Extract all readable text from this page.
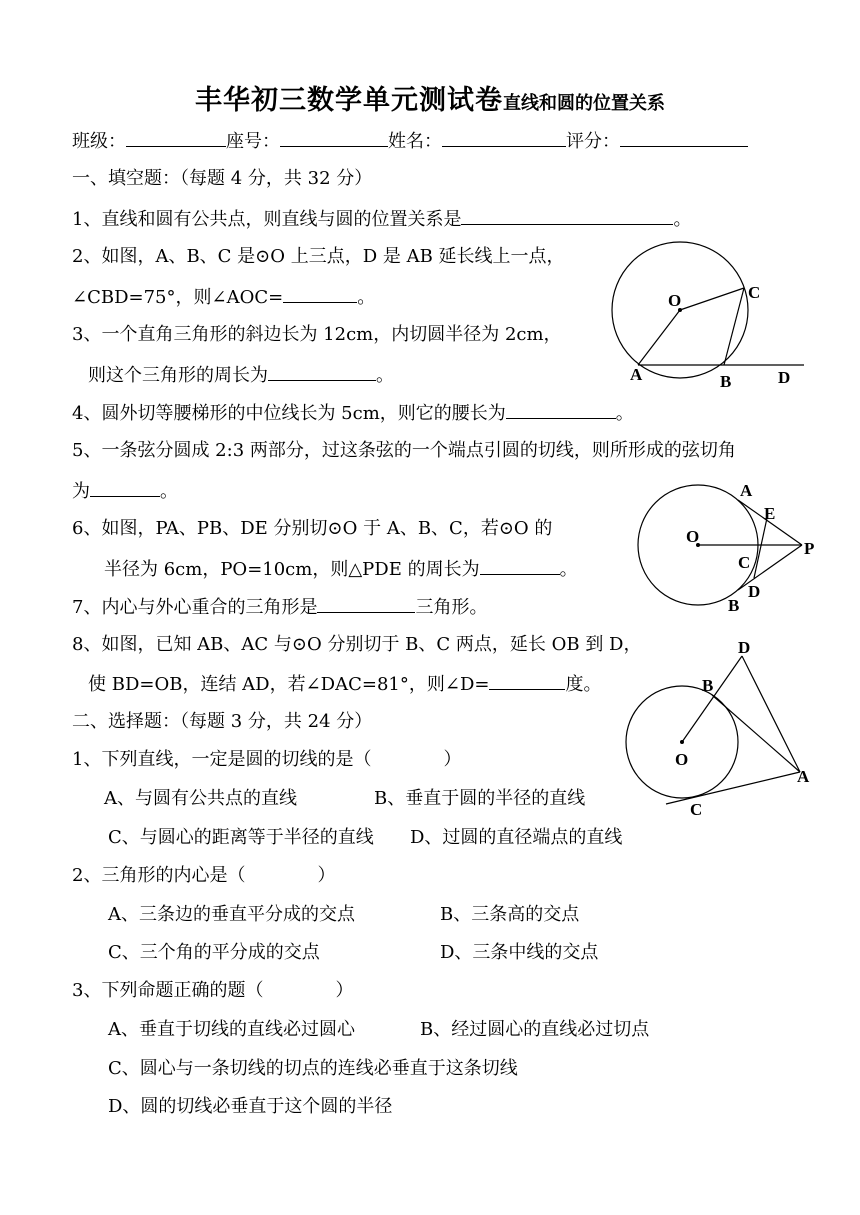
丰华初三数学单元测试卷直线和圆的位置关系
班级：	座号：	姓名：	评分：
一、填空题：（每题 4 分，共 32 分）
1、直线和圆有公共点，则直线与圆的位置关系是	。
2、如图，A、B、C 是⊙O 上三点，D 是 AB 延长线上一点，
∠CBD=75°，则∠AOC=	。
3、一个直角三角形的斜边长为 12cm，内切圆半径为 2cm，
则这个三角形的周长为	。
4、圆外切等腰梯形的中位线长为 5cm，则它的腰长为	。
5、一条弦分圆成 2:3 两部分，过这条弦的一个端点引圆的切线，则所形成的弦切角
为	。
6、如图，PA、PB、DE 分别切⊙O 于 A、B、C，若⊙O 的
半径为 6cm，PO=10cm，则△PDE 的周长为	。
7、内心与外心重合的三角形是	三角形。
8、如图，已知 AB、AC 与⊙O 分别切于 B、C 两点，延长 OB 到 D，
使 BD=OB，连结 AD，若∠DAC=81°，则∠D=	度。
二、选择题：（每题 3 分，共 24 分）
1、下列直线，一定是圆的切线的是（　　　　）
A、与圆有公共点的直线	B、垂直于圆的半径的直线
C、与圆心的距离等于半径的直线 D、过圆的直径端点的直线
2、三角形的内心是（　　　　）
A、三条边的垂直平分成的交点	B、三条高的交点
C、三个角的平分成的交点	D、三条中线的交点
3、下列命题正确的题（　　　　）
A、垂直于切线的直线必过圆心	B、经过圆心的直线必过切点
C、圆心与一条切线的切点的连线必垂直于这条切线
D、圆的切线必垂直于这个圆的半径
O	C
A	B	D
A
E
O
P
C
D
B
D
B
O
A
C
